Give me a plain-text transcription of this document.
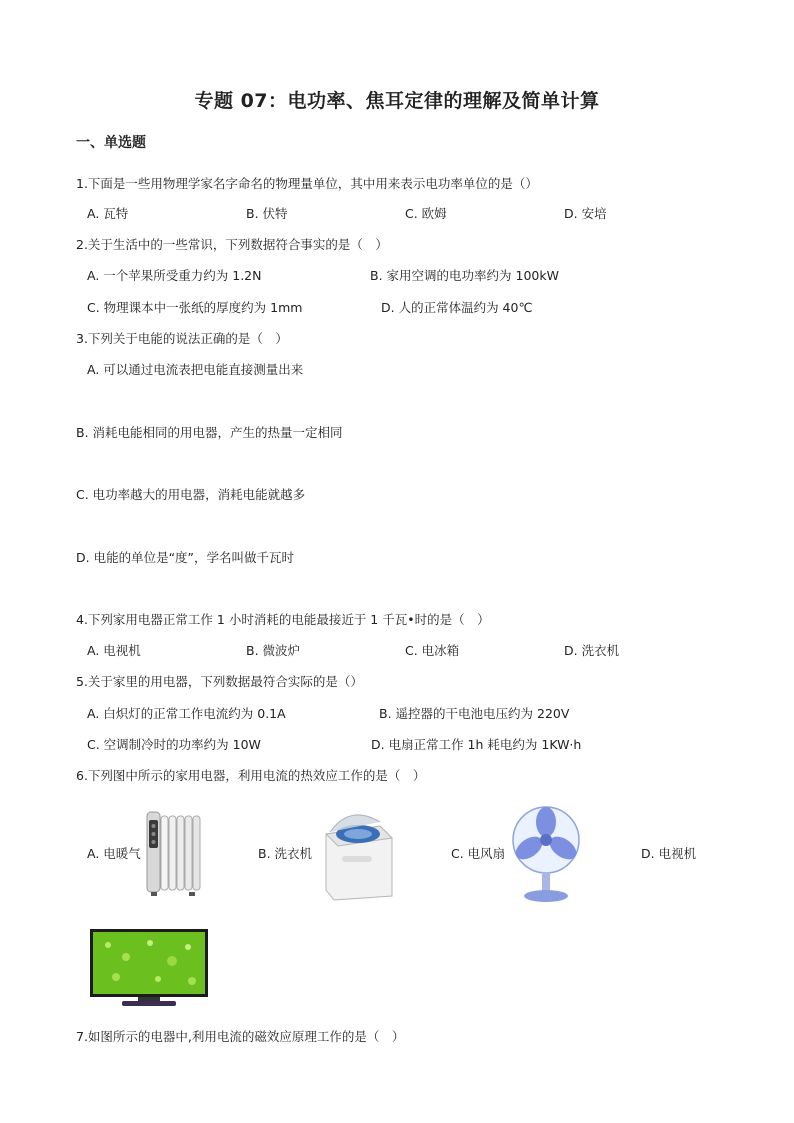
专题 07：电功率、焦耳定律的理解及简单计算
一、单选题
1.下面是一些用物理学家名字命名的物理量单位，其中用来表示电功率单位的是（）
A. 瓦特	B. 伏特	C. 欧姆	D. 安培
2.关于生活中的一些常识，下列数据符合事实的是（　）
A. 一个苹果所受重力约为 1.2N	B. 家用空调的电功率约为 100kW
C. 物理课本中一张纸的厚度约为 1mm	D. 人的正常体温约为 40℃
3.下列关于电能的说法正确的是（　）
A. 可以通过电流表把电能直接测量出来
B. 消耗电能相同的用电器，产生的热量一定相同
C. 电功率越大的用电器，消耗电能就越多
D. 电能的单位是“度”，学名叫做千瓦时
4.下列家用电器正常工作 1 小时消耗的电能最接近于 1 千瓦•时的是（　）
A. 电视机	B. 微波炉	C. 电冰箱	D. 洗衣机
5.关于家里的用电器，下列数据最符合实际的是（）
A. 白炽灯的正常工作电流约为 0.1A	B. 遥控器的干电池电压约为 220V
C. 空调制冷时的功率约为 10W	D. 电扇正常工作 1h 耗电约为 1KW·h
6.下列图中所示的家用电器，利用电流的热效应工作的是（　）
A. 电暖气	B. 洗衣机	C. 电风扇	D. 电视机
7.如图所示的电器中,利用电流的磁效应原理工作的是（　）
